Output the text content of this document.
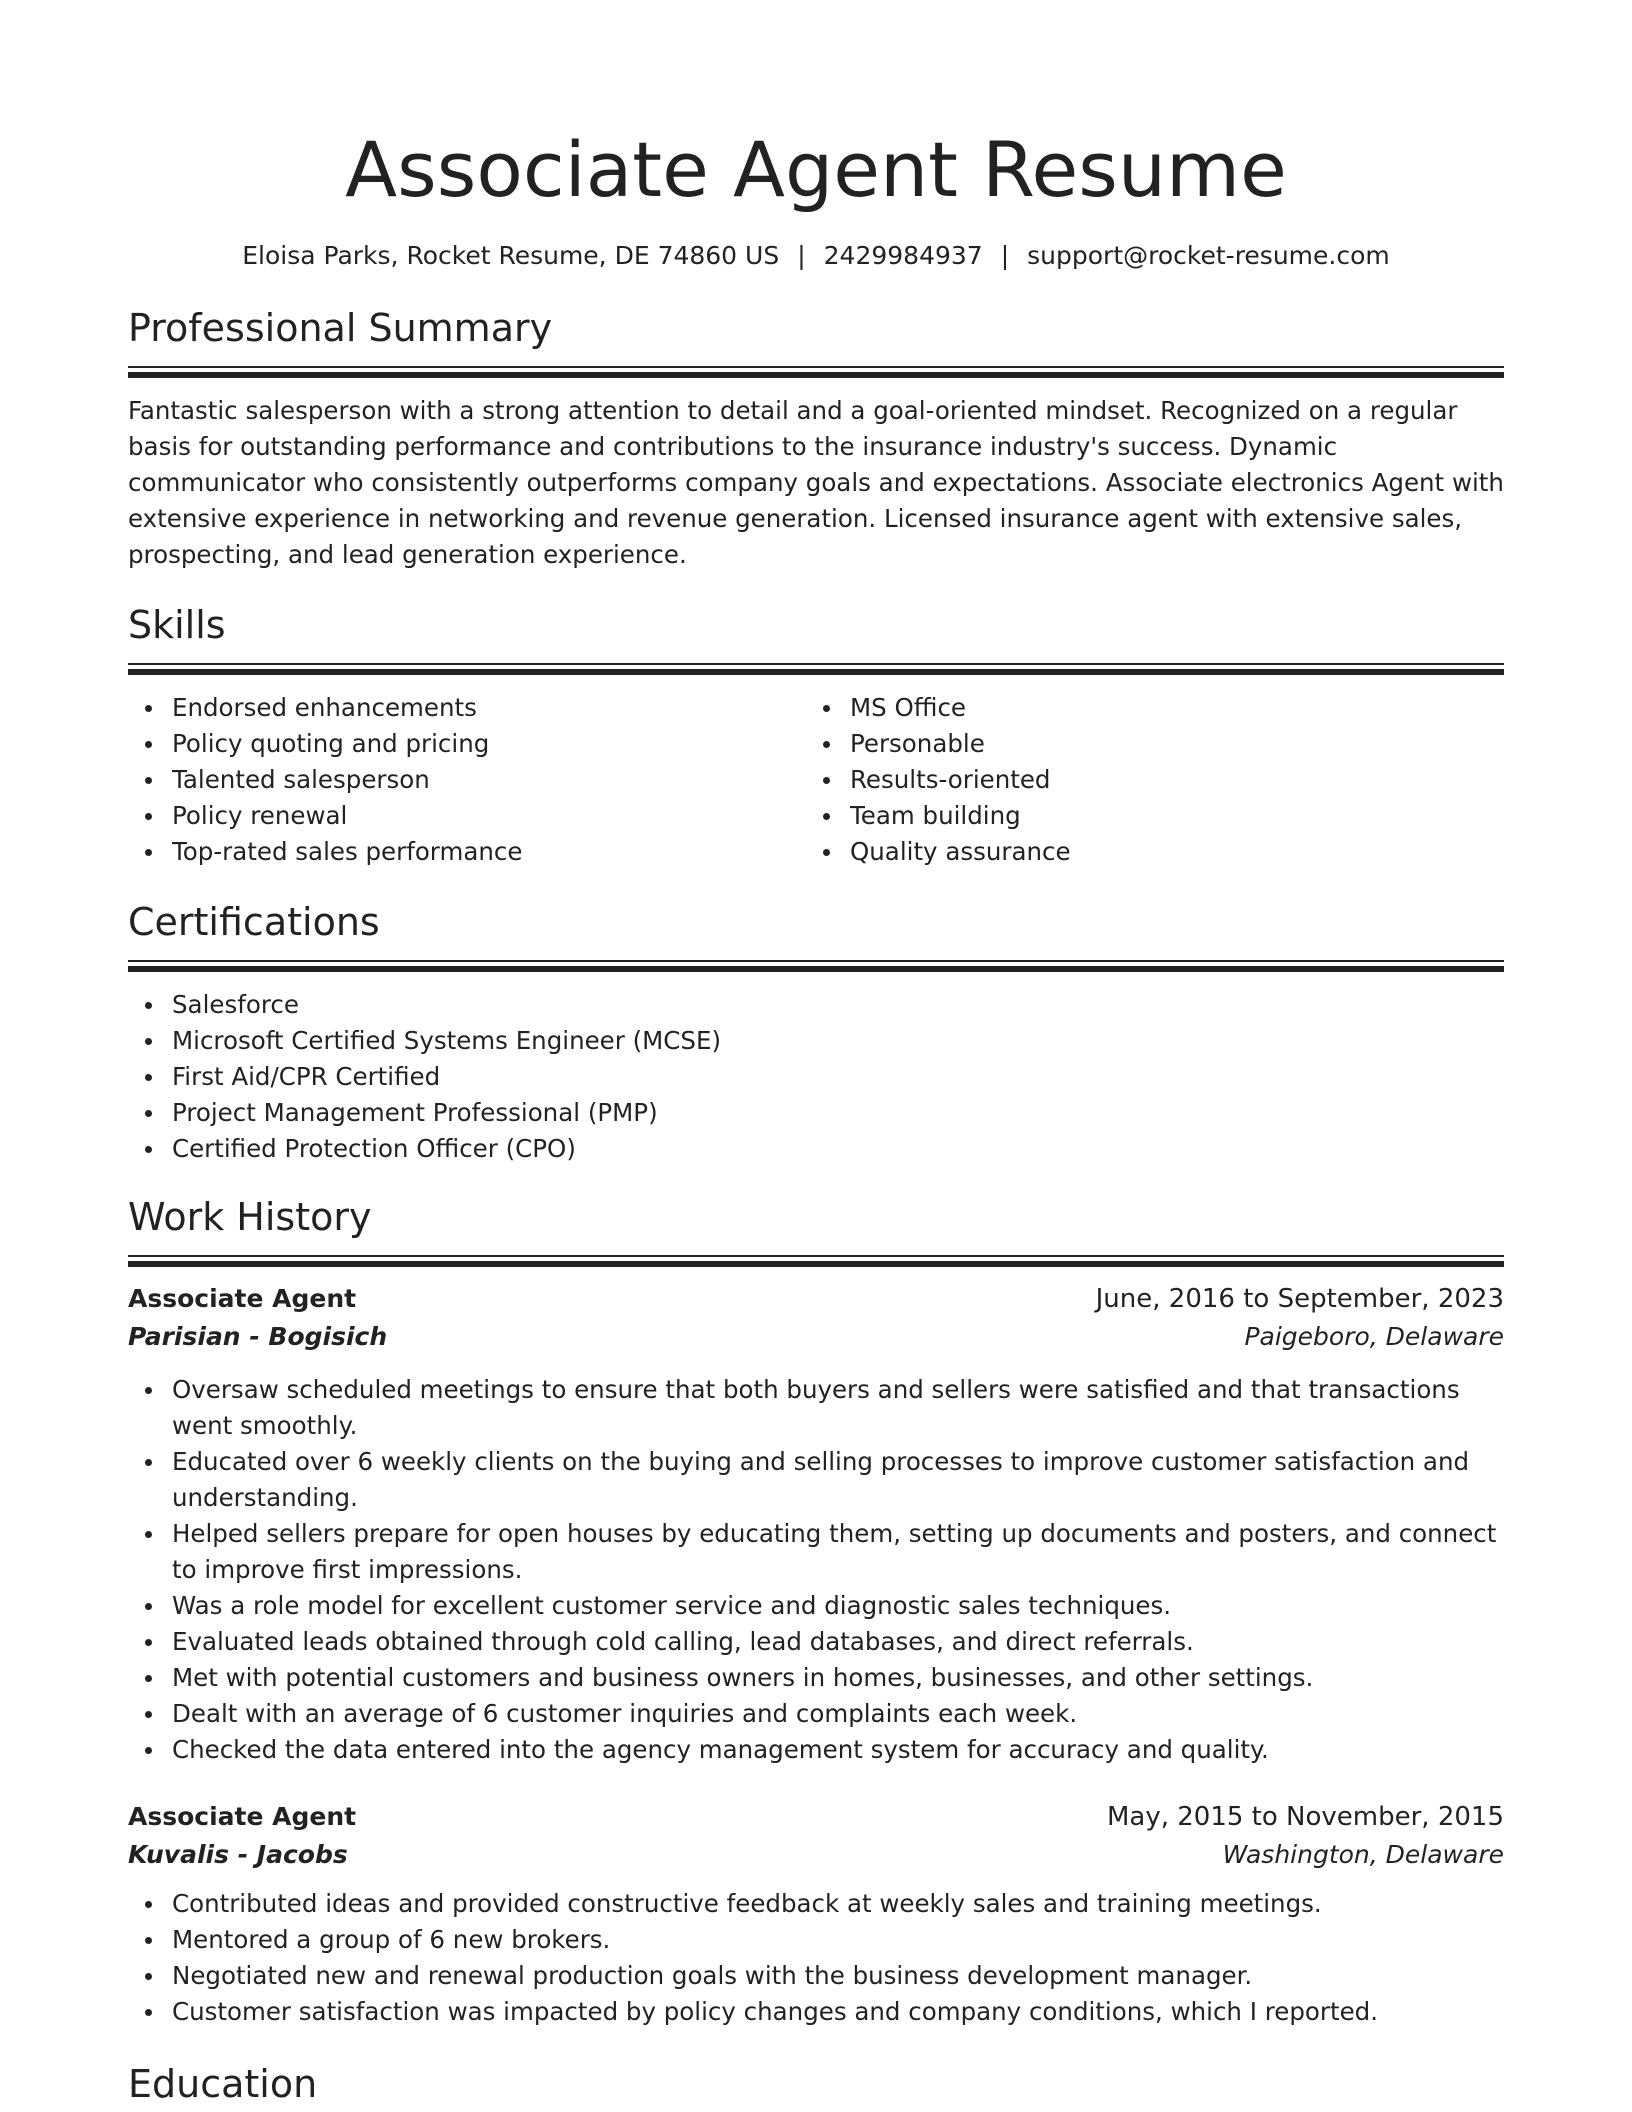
Associate Agent Resume
Eloisa Parks, Rocket Resume, DE 74860 US | 2429984937 | support@rocket-resume.com
Professional Summary

Fantastic salesperson with a strong attention to detail and a goal-oriented mindset. Recognized on a regular basis for outstanding performance and contributions to the insurance industry's success. Dynamic communicator who consistently outperforms company goals and expectations. Associate electronics Agent with extensive experience in networking and revenue generation. Licensed insurance agent with extensive sales, prospecting, and lead generation experience.

Skills
Endorsed enhancements
Policy quoting and pricing
Talented salesperson
Policy renewal
Top-rated sales performance
MS Office
Personable
Results-oriented
Team building
Quality assurance
Certifications
Salesforce
Microsoft Certified Systems Engineer (MCSE)
First Aid/CPR Certified
Project Management Professional (PMP)
Certified Protection Officer (CPO)
Work History
Associate Agent	June, 2016 to September, 2023
Parisian - Bogisich	Paigeboro, Delaware
Oversaw scheduled meetings to ensure that both buyers and sellers were satisfied and that transactions went smoothly.
Educated over 6 weekly clients on the buying and selling processes to improve customer satisfaction and understanding.
Helped sellers prepare for open houses by educating them, setting up documents and posters, and connect to improve first impressions.
Was a role model for excellent customer service and diagnostic sales techniques.
Evaluated leads obtained through cold calling, lead databases, and direct referrals.
Met with potential customers and business owners in homes, businesses, and other settings.
Dealt with an average of 6 customer inquiries and complaints each week.
Checked the data entered into the agency management system for accuracy and quality.
Associate Agent	May, 2015 to November, 2015
Kuvalis - Jacobs	Washington, Delaware
Contributed ideas and provided constructive feedback at weekly sales and training meetings.
Mentored a group of 6 new brokers.
Negotiated new and renewal production goals with the business development manager.
Customer satisfaction was impacted by policy changes and company conditions, which I reported.
Education
